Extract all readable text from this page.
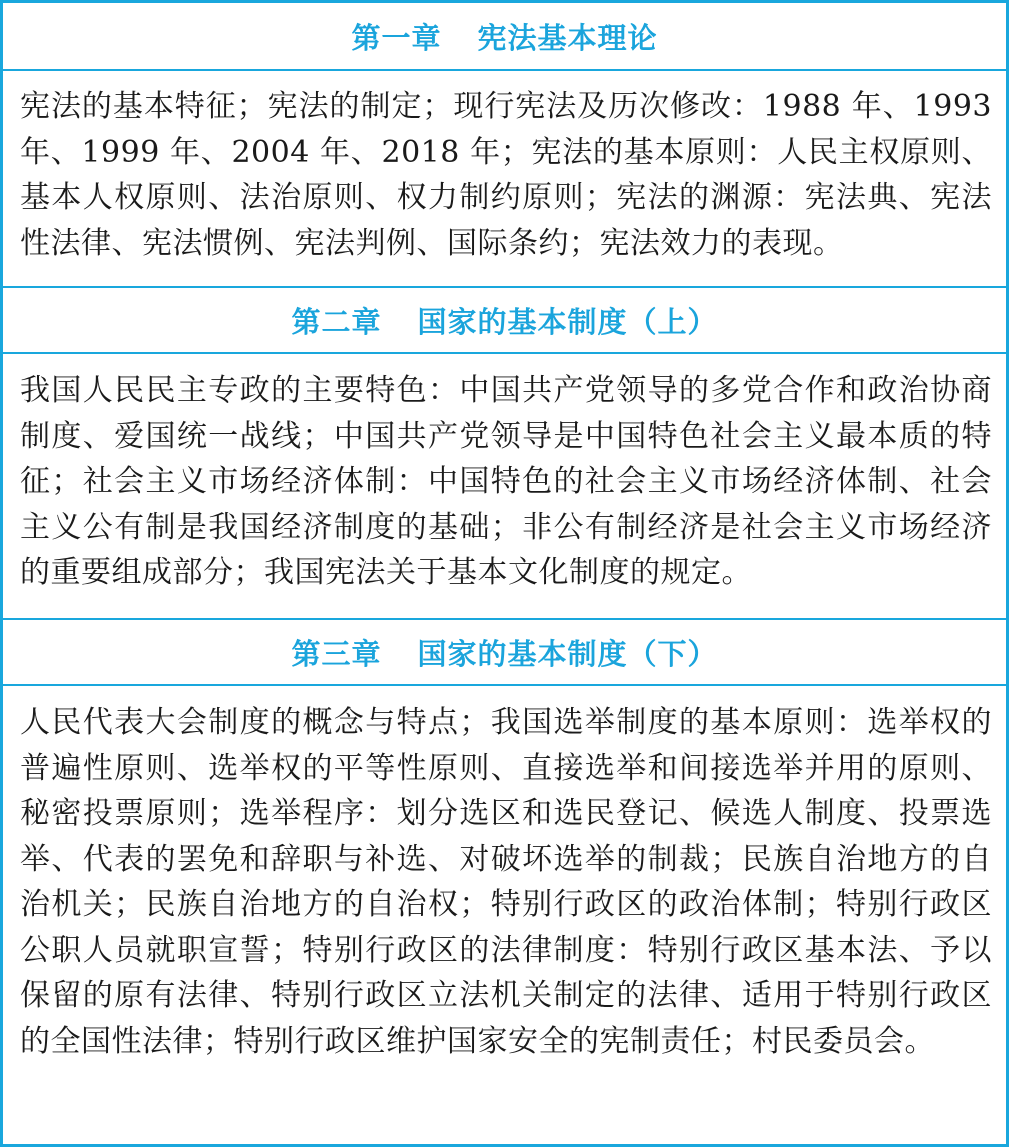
第一章 宪法基本理论
宪法的基本特征；宪法的制定；现行宪法及历次修改：1988 年、1993 年、1999 年、2004 年、2018 年；宪法的基本原则：人民主权原则、基本人权原则、法治原则、权力制约原则；宪法的渊源：宪法典、宪法性法律、宪法惯例、宪法判例、国际条约；宪法效力的表现。
第二章 国家的基本制度（上）
我国人民民主专政的主要特色：中国共产党领导的多党合作和政治协商制度、爱国统一战线；中国共产党领导是中国特色社会主义最本质的特征；社会主义市场经济体制：中国特色的社会主义市场经济体制、社会主义公有制是我国经济制度的基础；非公有制经济是社会主义市场经济的重要组成部分；我国宪法关于基本文化制度的规定。
第三章 国家的基本制度（下）
人民代表大会制度的概念与特点；我国选举制度的基本原则：选举权的普遍性原则、选举权的平等性原则、直接选举和间接选举并用的原则、秘密投票原则；选举程序：划分选区和选民登记、候选人制度、投票选举、代表的罢免和辞职与补选、对破坏选举的制裁；民族自治地方的自治机关；民族自治地方的自治权；特别行政区的政治体制；特别行政区公职人员就职宣誓；特别行政区的法律制度：特别行政区基本法、予以保留的原有法律、特别行政区立法机关制定的法律、适用于特别行政区的全国性法律；特别行政区维护国家安全的宪制责任；村民委员会。
